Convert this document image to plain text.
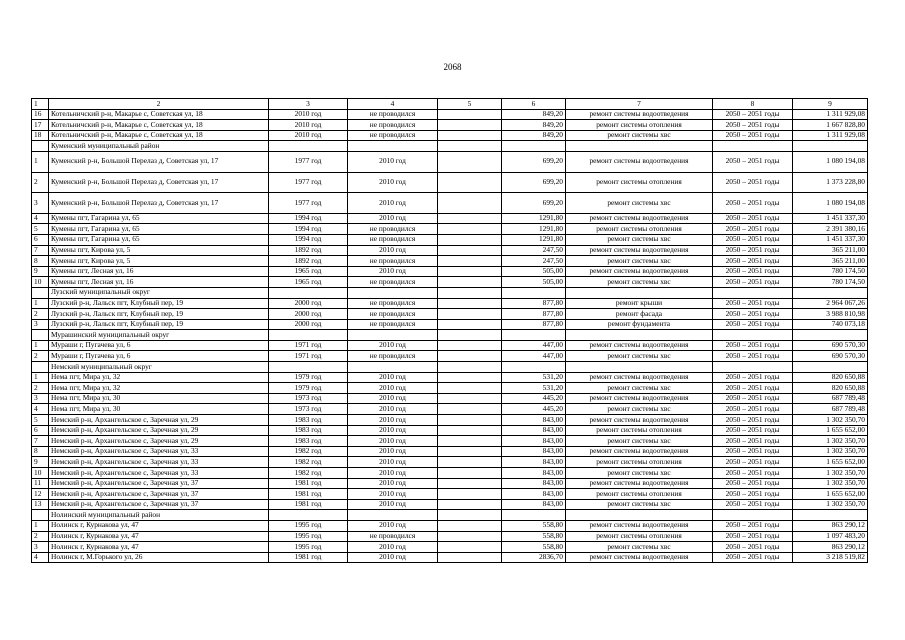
2068
1	2	3	4	5	6	7	8	9
16	Котельничский р-н, Макарье с, Советская ул, 18	2010 год	не проводился		849,20	ремонт системы водоотведения	2050 – 2051 годы	1 311 929,08
17	Котельничский р-н, Макарье с, Советская ул, 18	2010 год	не проводился		849,20	ремонт системы отопления	2050 – 2051 годы	1 667 828,80
18	Котельничский р-н, Макарье с, Советская ул, 18	2010 год	не проводился		849,20	ремонт системы хвс	2050 – 2051 годы	1 311 929,08
	Куменский муниципальный район							
1	Куменский р-н, Большой Перелаз д, Советская ул, 17	1977 год	2010 год		699,20	ремонт системы водоотведения	2050 – 2051 годы	1 080 194,08
2	Куменский р-н, Большой Перелаз д, Советская ул, 17	1977 год	2010 год		699,20	ремонт системы отопления	2050 – 2051 годы	1 373 228,80
3	Куменский р-н, Большой Перелаз д, Советская ул, 17	1977 год	2010 год		699,20	ремонт системы хвс	2050 – 2051 годы	1 080 194,08
4	Кумены пгт, Гагарина ул, 65	1994 год	2010 год		1291,80	ремонт системы водоотведения	2050 – 2051 годы	1 451 337,30
5	Кумены пгт, Гагарина ул, 65	1994 год	не проводился		1291,80	ремонт системы отопления	2050 – 2051 годы	2 391 380,16
6	Кумены пгт, Гагарина ул, 65	1994 год	не проводился		1291,80	ремонт системы хвс	2050 – 2051 годы	1 451 337,30
7	Кумены пгт, Кирова ул, 5	1892 год	2010 год		247,50	ремонт системы водоотведения	2050 – 2051 годы	365 211,00
8	Кумены пгт, Кирова ул, 5	1892 год	не проводился		247,50	ремонт системы хвс	2050 – 2051 годы	365 211,00
9	Кумены пгт, Лесная ул, 16	1965 год	2010 год		505,00	ремонт системы водоотведения	2050 – 2051 годы	780 174,50
10	Кумены пгт, Лесная ул, 16	1965 год	не проводился		505,00	ремонт системы хвс	2050 – 2051 годы	780 174,50
	Лузский муниципальный округ							
1	Лузский р-н, Лальск пгт, Клубный пер, 19	2000 год	не проводился		877,80	ремонт крыши	2050 – 2051 годы	2 964 067,26
2	Лузский р-н, Лальск пгт, Клубный пер, 19	2000 год	не проводился		877,80	ремонт фасада	2050 – 2051 годы	3 988 810,98
3	Лузский р-н, Лальск пгт, Клубный пер, 19	2000 год	не проводился		877,80	ремонт фундамента	2050 – 2051 годы	740 073,18
	Мурашинский муниципальный округ							
1	Мураши г, Пугачева ул, 6	1971 год	2010 год		447,00	ремонт системы водоотведения	2050 – 2051 годы	690 570,30
2	Мураши г, Пугачева ул, 6	1971 год	не проводился		447,00	ремонт системы хвс	2050 – 2051 годы	690 570,30
	Немский муниципальный округ							
1	Нема пгт, Мира ул, 32	1979 год	2010 год		531,20	ремонт системы водоотведения	2050 – 2051 годы	820 650,88
2	Нема пгт, Мира ул, 32	1979 год	2010 год		531,20	ремонт системы хвс	2050 – 2051 годы	820 650,88
3	Нема пгт, Мира ул, 30	1973 год	2010 год		445,20	ремонт системы водоотведения	2050 – 2051 годы	687 789,48
4	Нема пгт, Мира ул, 30	1973 год	2010 год		445,20	ремонт системы хвс	2050 – 2051 годы	687 789,48
5	Немский р-н, Архангельское с, Заречная ул, 29	1983 год	2010 год		843,00	ремонт системы водоотведения	2050 – 2051 годы	1 302 350,70
6	Немский р-н, Архангельское с, Заречная ул, 29	1983 год	2010 год		843,00	ремонт системы отопления	2050 – 2051 годы	1 655 652,00
7	Немский р-н, Архангельское с, Заречная ул, 29	1983 год	2010 год		843,00	ремонт системы хвс	2050 – 2051 годы	1 302 350,70
8	Немский р-н, Архангельское с, Заречная ул, 33	1982 год	2010 год		843,00	ремонт системы водоотведения	2050 – 2051 годы	1 302 350,70
9	Немский р-н, Архангельское с, Заречная ул, 33	1982 год	2010 год		843,00	ремонт системы отопления	2050 – 2051 годы	1 655 652,00
10	Немский р-н, Архангельское с, Заречная ул, 33	1982 год	2010 год		843,00	ремонт системы хвс	2050 – 2051 годы	1 302 350,70
11	Немский р-н, Архангельское с, Заречная ул, 37	1981 год	2010 год		843,00	ремонт системы водоотведения	2050 – 2051 годы	1 302 350,70
12	Немский р-н, Архангельское с, Заречная ул, 37	1981 год	2010 год		843,00	ремонт системы отопления	2050 – 2051 годы	1 655 652,00
13	Немский р-н, Архангельское с, Заречная ул, 37	1981 год	2010 год		843,00	ремонт системы хвс	2050 – 2051 годы	1 302 350,70
	Нолинский муниципальный район							
1	Нолинск г, Курнакова ул, 47	1995 год	2010 год		558,80	ремонт системы водоотведения	2050 – 2051 годы	863 290,12
2	Нолинск г, Курнакова ул, 47	1995 год	не проводился		558,80	ремонт системы отопления	2050 – 2051 годы	1 097 483,20
3	Нолинск г, Курнакова ул, 47	1995 год	2010 год		558,80	ремонт системы хвс	2050 – 2051 годы	863 290,12
4	Нолинск г, М.Горького ул, 26	1981 год	2010 год		2836,70	ремонт системы водоотведения	2050 – 2051 годы	3 218 519,82
